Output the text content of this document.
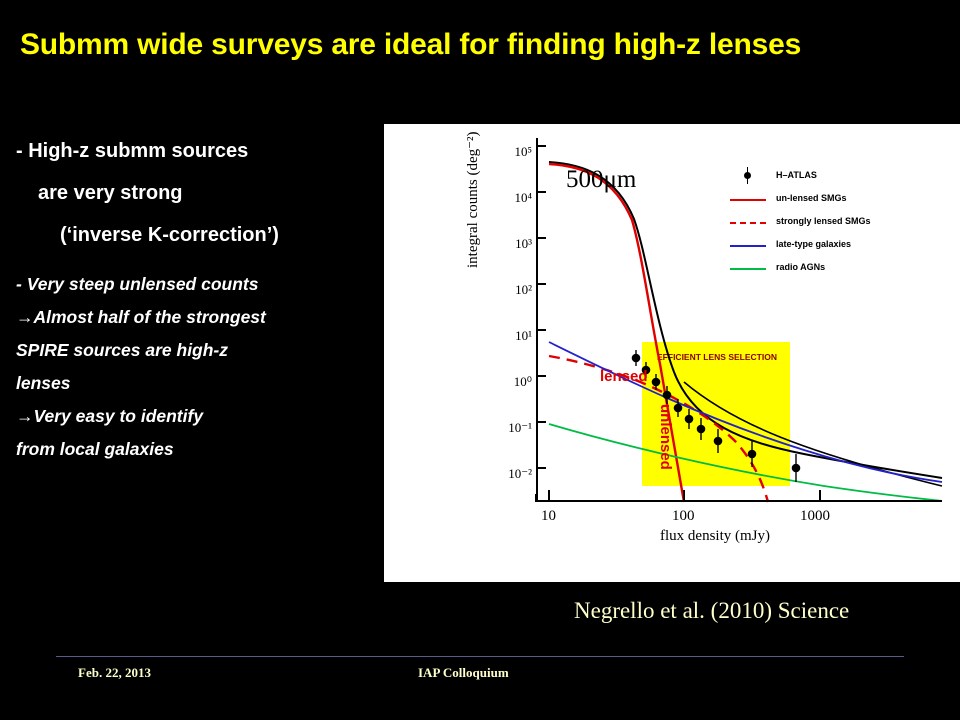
Submm wide surveys are ideal for finding high-z lenses
- High-z submm sources
are very strong
(‘inverse K-correction’)
- Very steep unlensed counts
→Almost half of the strongest
SPIRE sources are high-z
lenses
→Very easy to identify
from local galaxies
EFFICIENT LENS SELECTION
500μm
integral counts (deg⁻²)
flux density (mJy)
10⁵
10⁴
10³
10²
10¹
10⁰
10⁻¹
10⁻²
10	100	1000
H–ATLAS
un-lensed SMGs
strongly lensed SMGs
late-type galaxies
radio AGNs
lensed
unlensed
Negrello et al. (2010) Science
Feb. 22, 2013	IAP Colloquium
